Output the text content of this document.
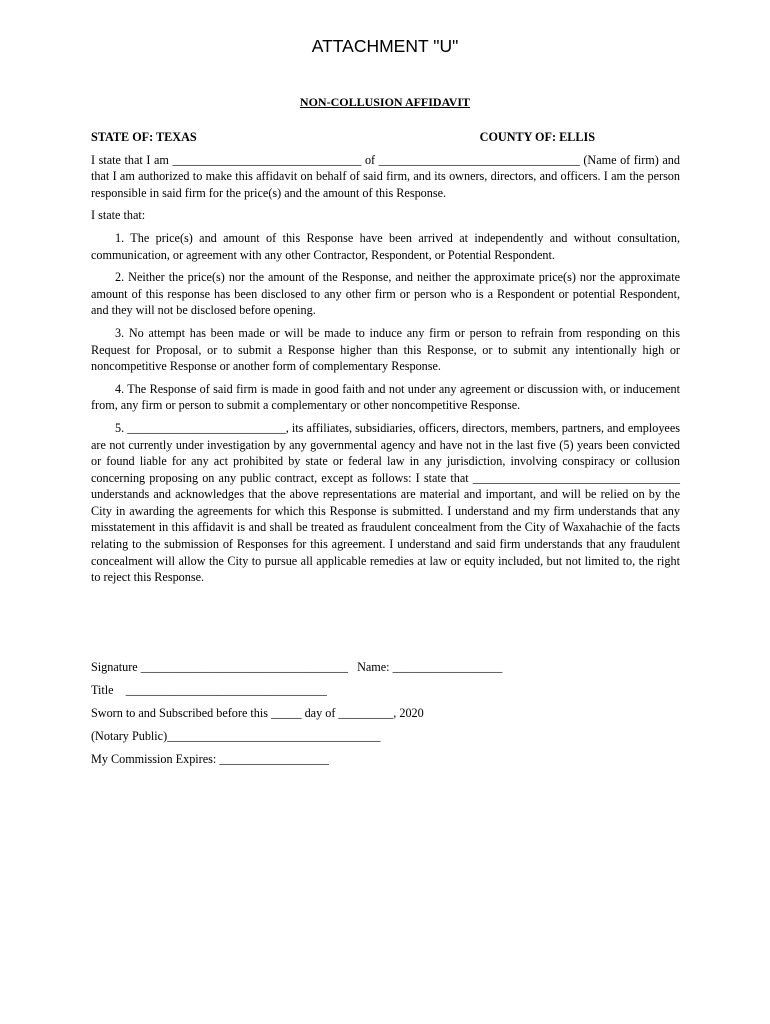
ATTACHMENT "U"
NON-COLLUSION AFFIDAVIT
STATE OF: TEXAS	COUNTY OF: ELLIS

I state that I am _______________________________ of _________________________________ (Name of firm) and that I am authorized to make this affidavit on behalf of said firm, and its owners, directors, and officers. I am the person responsible in said firm for the price(s) and the amount of this Response.

I state that:

1. The price(s) and amount of this Response have been arrived at independently and without consultation, communication, or agreement with any other Contractor, Respondent, or Potential Respondent.

2. Neither the price(s) nor the amount of the Response, and neither the approximate price(s) nor the approximate amount of this response has been disclosed to any other firm or person who is a Respondent or potential Respondent, and they will not be disclosed before opening.

3. No attempt has been made or will be made to induce any firm or person to refrain from responding on this Request for Proposal, or to submit a Response higher than this Response, or to submit any intentionally high or noncompetitive Response or another form of complementary Response.

4. The Response of said firm is made in good faith and not under any agreement or discussion with, or inducement from, any firm or person to submit a complementary or other noncompetitive Response.

5. __________________________, its affiliates, subsidiaries, officers, directors, members, partners, and employees are not currently under investigation by any governmental agency and have not in the last five (5) years been convicted or found liable for any act prohibited by state or federal law in any jurisdiction, involving conspiracy or collusion concerning proposing on any public contract, except as follows: I state that __________________________________ understands and acknowledges that the above representations are material and important, and will be relied on by the City in awarding the agreements for which this Response is submitted. I understand and my firm understands that any misstatement in this affidavit is and shall be treated as fraudulent concealment from the City of Waxahachie of the facts relating to the submission of Responses for this agreement. I understand and said firm understands that any fraudulent concealment will allow the City to pursue all applicable remedies at law or equity included, but not limited to, the right to reject this Response.

Signature __________________________________   Name: __________________
Title    _________________________________
Sworn to and Subscribed before this _____ day of _________, 2020
(Notary Public)___________________________________
My Commission Expires: __________________
